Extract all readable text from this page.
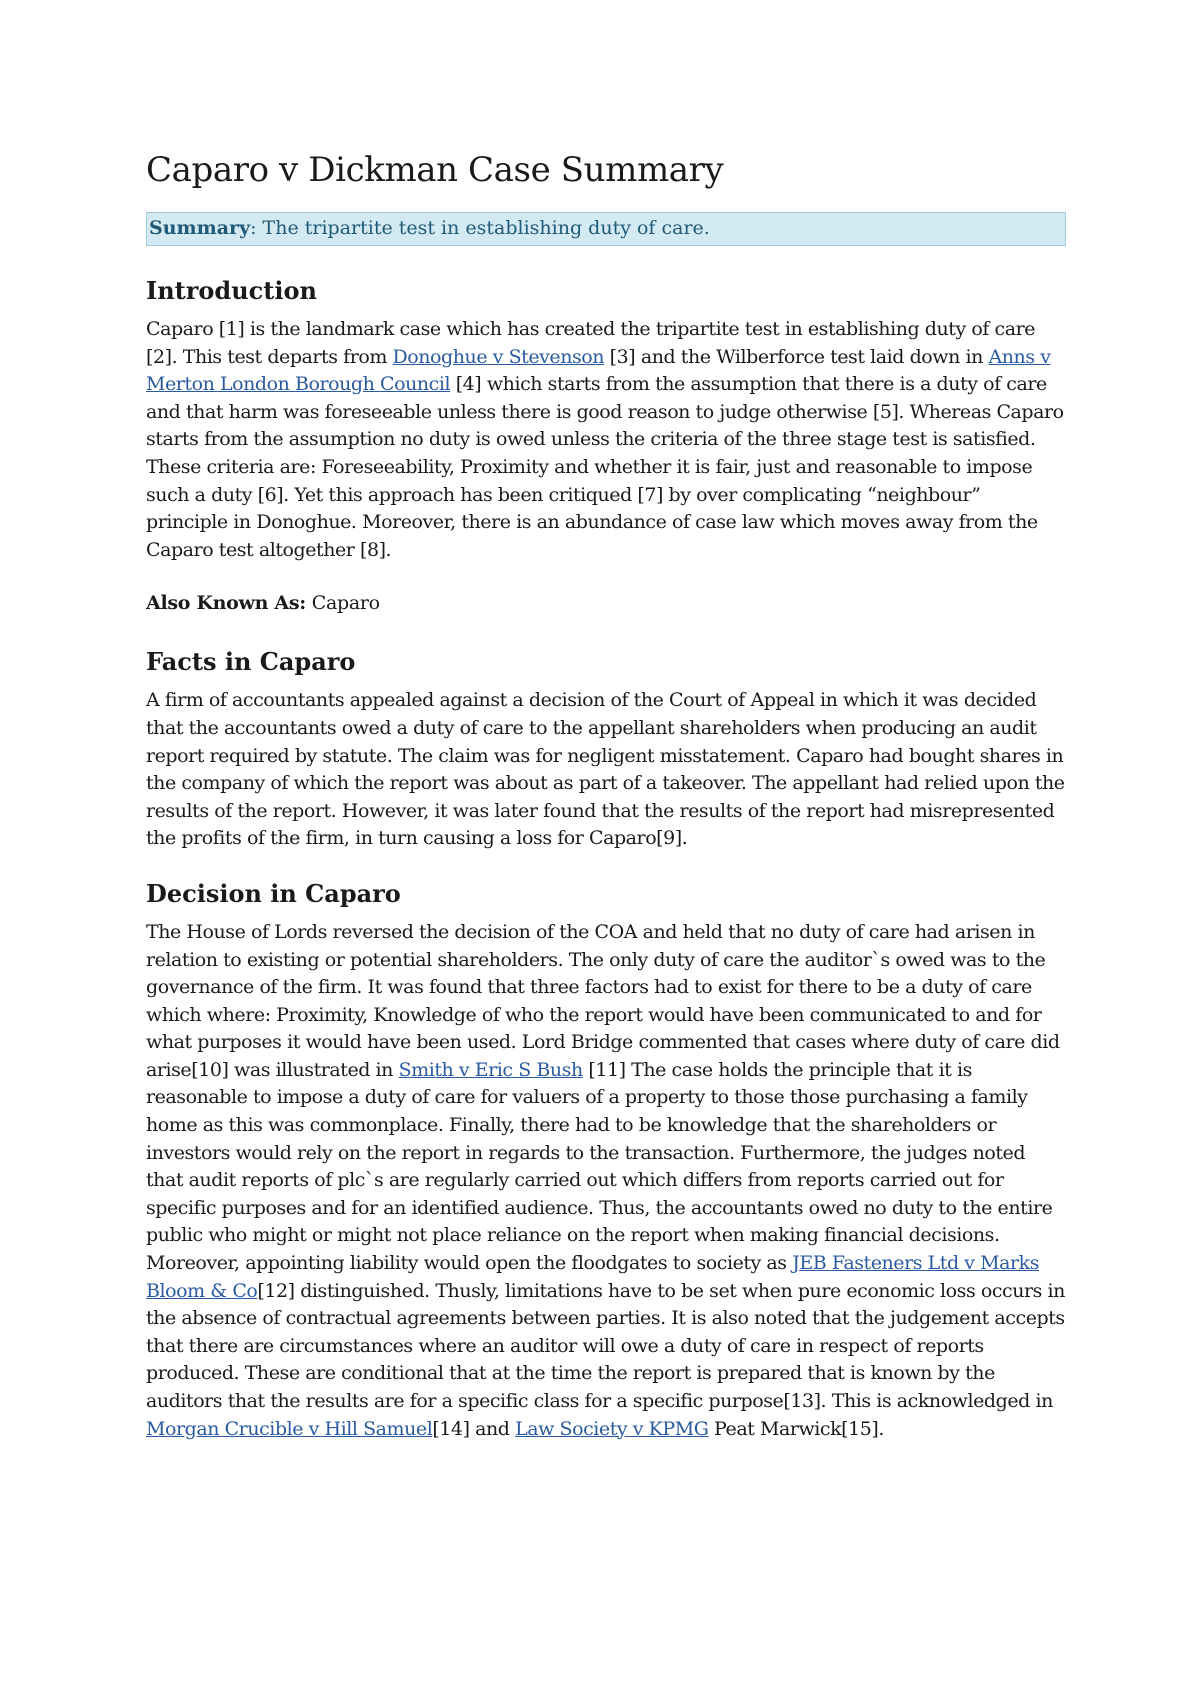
Caparo v Dickman Case Summary
Summary: The tripartite test in establishing duty of care.
Introduction

Caparo [1] is the landmark case which has created the tripartite test in establishing duty of care [2]. This test departs from Donoghue v Stevenson [3] and the Wilberforce test laid down in Anns v Merton London Borough Council [4] which starts from the assumption that there is a duty of care and that harm was foreseeable unless there is good reason to judge otherwise [5]. Whereas Caparo starts from the assumption no duty is owed unless the criteria of the three stage test is satisfied. These criteria are: Foreseeability, Proximity and whether it is fair, just and reasonable to impose such a duty [6]. Yet this approach has been critiqued [7] by over complicating “neighbour” principle in Donoghue. Moreover, there is an abundance of case law which moves away from the Caparo test altogether [8].

Also Known As: Caparo

Facts in Caparo

A firm of accountants appealed against a decision of the Court of Appeal in which it was decided that the accountants owed a duty of care to the appellant shareholders when producing an audit report required by statute. The claim was for negligent misstatement. Caparo had bought shares in the company of which the report was about as part of a takeover. The appellant had relied upon the results of the report. However, it was later found that the results of the report had misrepresented the profits of the firm, in turn causing a loss for Caparo[9].

Decision in Caparo

The House of Lords reversed the decision of the COA and held that no duty of care had arisen in relation to existing or potential shareholders. The only duty of care the auditor`s owed was to the governance of the firm. It was found that three factors had to exist for there to be a duty of care which where: Proximity, Knowledge of who the report would have been communicated to and for what purposes it would have been used. Lord Bridge commented that cases where duty of care did arise[10] was illustrated in Smith v Eric S Bush [11] The case holds the principle that it is reasonable to impose a duty of care for valuers of a property to those those purchasing a family home as this was commonplace. Finally, there had to be knowledge that the shareholders or investors would rely on the report in regards to the transaction. Furthermore, the judges noted that audit reports of plc`s are regularly carried out which differs from reports carried out for specific purposes and for an identified audience. Thus, the accountants owed no duty to the entire public who might or might not place reliance on the report when making financial decisions. Moreover, appointing liability would open the floodgates to society as JEB Fasteners Ltd v Marks Bloom & Co[12] distinguished. Thusly, limitations have to be set when pure economic loss occurs in the absence of contractual agreements between parties. It is also noted that the judgement accepts that there are circumstances where an auditor will owe a duty of care in respect of reports produced. These are conditional that at the time the report is prepared that is known by the auditors that the results are for a specific class for a specific purpose[13]. This is acknowledged in Morgan Crucible v Hill Samuel[14] and Law Society v KPMG Peat Marwick[15].
